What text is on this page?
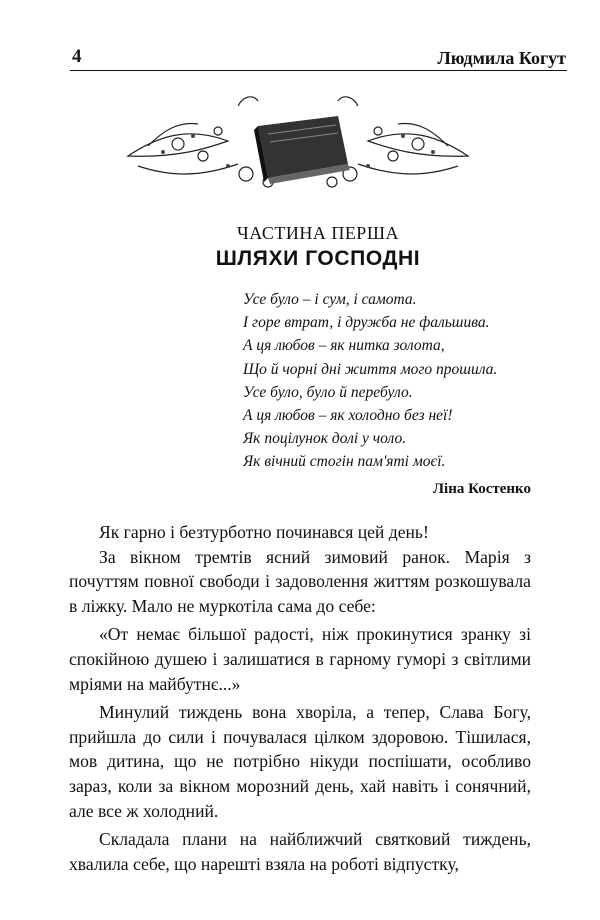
4	Людмила Когут
ЧАСТИНА ПЕРША
ШЛЯХИ ГОСПОДНІ
Усе було – і сум, і самота.
І горе втрат, і дружба не фальшива.
А ця любов – як нитка золота,
Що й чорні дні життя мого прошила.
Усе було, було й перебуло.
А ця любов – як холодно без неї!
Як поцілунок долі у чоло.
Як вічний стогін пам'яті моєї.
Ліна Костенко

Як гарно і безтурботно починався цей день!

За вікном тремтів ясний зимовий ранок. Марія з почуттям повної свободи і задоволення життям розкошувала в ліжку. Мало не муркотіла сама до себе:

«От немає більшої радості, ніж прокинутися зранку зі спокійною душею і залишатися в гарному гуморі з світлими мріями на майбутнє...»

Минулий тиждень вона хворіла, а тепер, Слава Богу, прийшла до сили і почувалася цілком здоровою. Тішилася, мов дитина, що не потрібно нікуди поспішати, особливо зараз, коли за вікном морозний день, хай навіть і сонячний, але все ж холодний.

Складала плани на найближчий святковий тиждень, хвалила себе, що нарешті взяла на роботі відпустку,
